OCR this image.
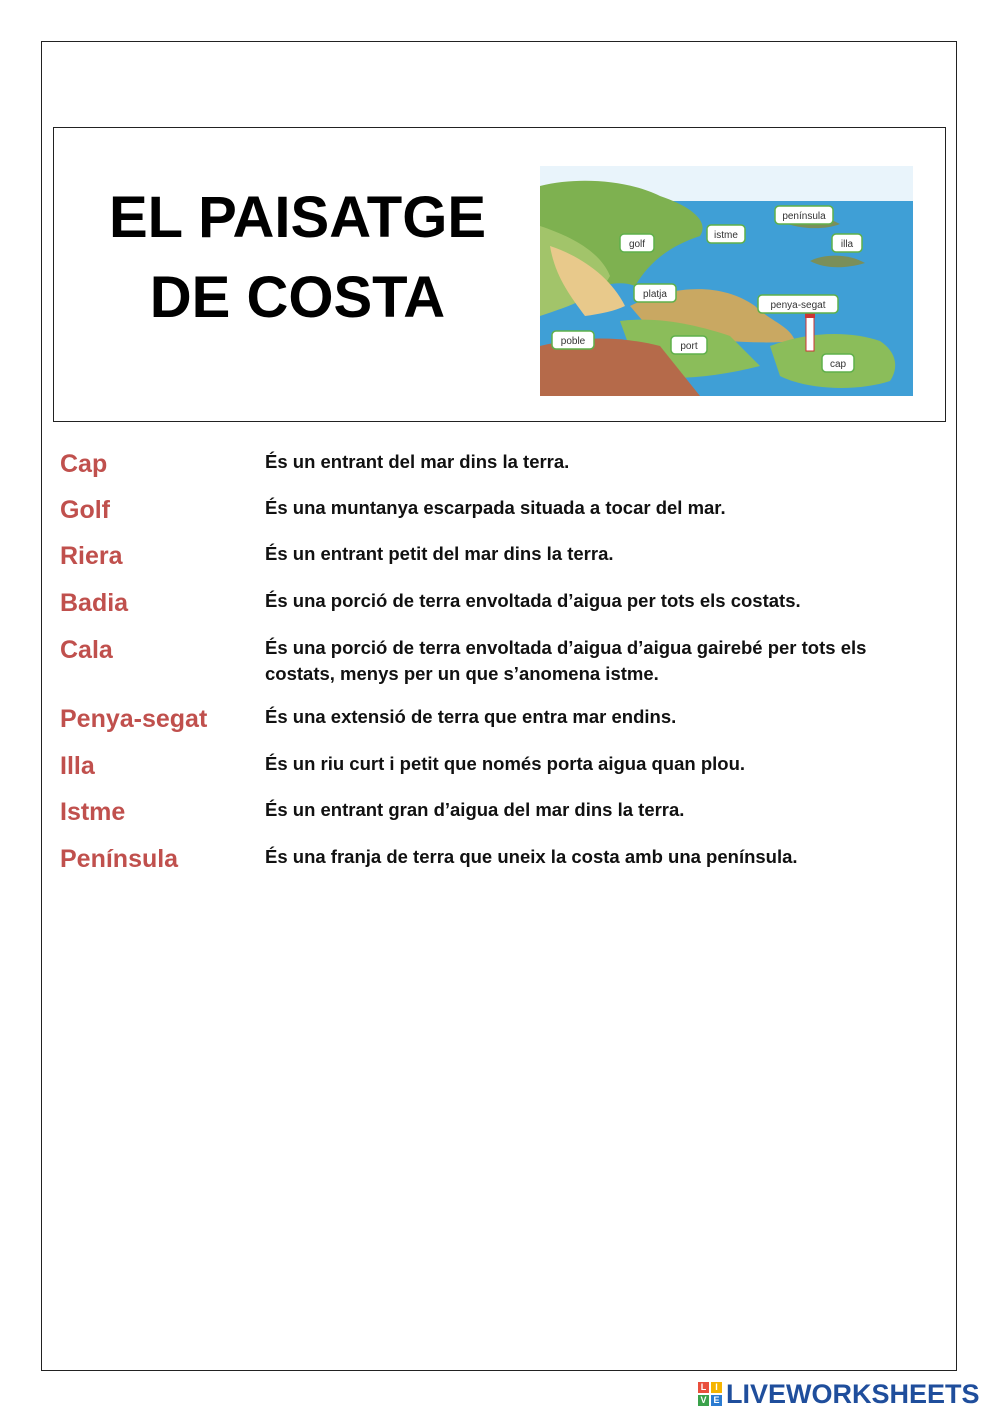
EL PAISATGE
DE COSTA
península
istme
golf	illa
platja
penya-segat
poble	port
cap
Cap	És un entrant del mar dins la terra.
Golf	És una muntanya escarpada situada a tocar del mar.
Riera	És un entrant petit del mar dins la terra.
Badia	És una porció de terra envoltada d’aigua per tots els costats.
Cala	És una porció de terra envoltada d’aigua d’aigua gairebé per tots els costats, menys per un que s’anomena istme.
Penya-segat	És una extensió de terra que entra mar endins.
Illa	És un riu curt i petit que només porta aigua quan plou.
Istme	És un entrant gran d’aigua del mar dins la terra.
Península	És una franja de terra que uneix la costa amb una península.
L I
V E LIVEWORKSHEETS
